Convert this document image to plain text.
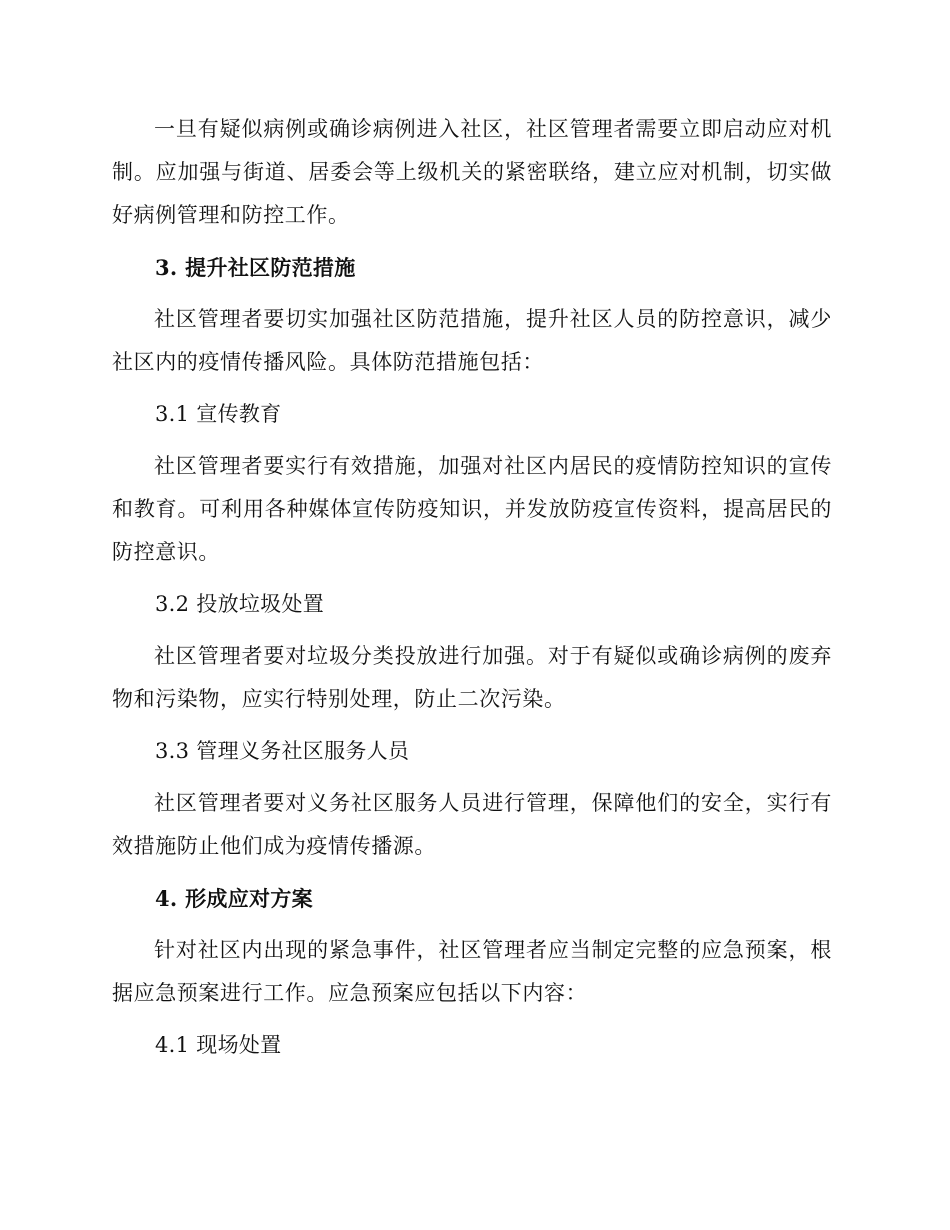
一旦有疑似病例或确诊病例进入社区，社区管理者需要立即启动应对机制。应加强与街道、居委会等上级机关的紧密联络，建立应对机制，切实做好病例管理和防控工作。

3. 提升社区防范措施

社区管理者要切实加强社区防范措施，提升社区人员的防控意识，减少社区内的疫情传播风险。具体防范措施包括：

3.1 宣传教育

社区管理者要实行有效措施，加强对社区内居民的疫情防控知识的宣传和教育。可利用各种媒体宣传防疫知识，并发放防疫宣传资料，提高居民的防控意识。

3.2 投放垃圾处置

社区管理者要对垃圾分类投放进行加强。对于有疑似或确诊病例的废弃物和污染物，应实行特别处理，防止二次污染。

3.3 管理义务社区服务人员

社区管理者要对义务社区服务人员进行管理，保障他们的安全，实行有效措施防止他们成为疫情传播源。

4. 形成应对方案

针对社区内出现的紧急事件，社区管理者应当制定完整的应急预案，根据应急预案进行工作。应急预案应包括以下内容：

4.1 现场处置
